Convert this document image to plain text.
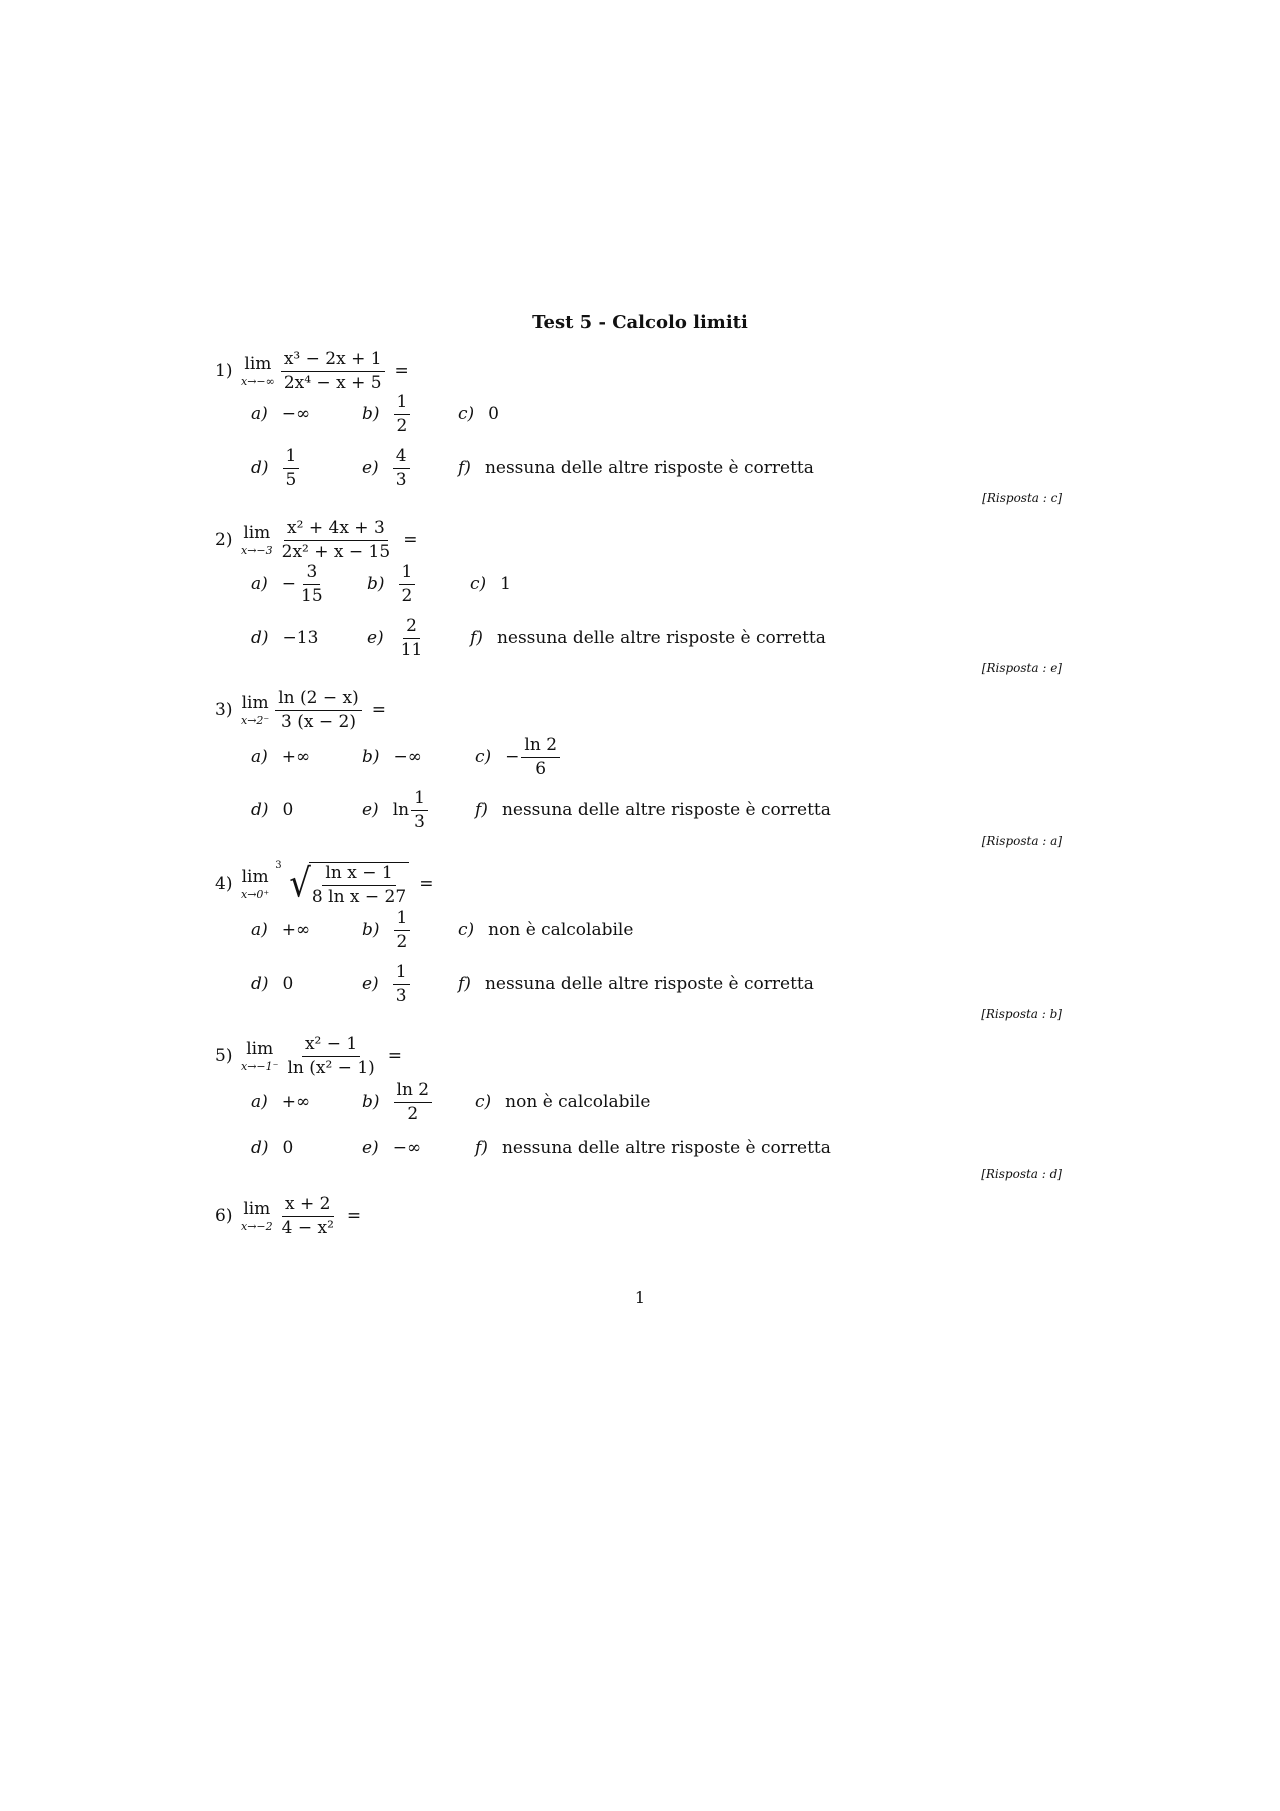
Test 5 - Calcolo limiti
1) lim
$x\to-\infty \frac{\text{x³ − 2x + 1}}{\text{2x⁴ − x + 5}}$ =
a) −∞	$b) \frac{1}{2}$	c) 0
$d) \frac{1}{5}$	$e) \frac{4}{3}$	f) nessuna delle altre risposte è corretta
[Risposta : c]
2) lim
$x\to-3 \frac{\text{x² + 4x + 3}}{\text{2x² + x − 15}}$ =
$a) - \frac{3}{15} b) \frac{1}{2}$	c) 1
d) −13	$e) \frac{2}{11}$	f) nessuna delle altre risposte è corretta
[Risposta : e]
3) lim
$x\to 2^- \frac{\ln (2 - x)}{3 (x - 2)}$ =
a) +∞	b) −∞	$c) - \frac{\ln 2}{6}$
d) 0	e) $\ln \frac{1}{3}$	f) nessuna delle altre risposte è corretta
[Risposta : a]
4) lim
x→0⁺
3 √
$\frac{\text{ln x − 1}}{\text{8 ln x − 27}}$ =
a) +∞	$b) \frac{1}{2}$	c) non è calcolabile
d) 0	$e) \frac{1}{3}$	f) nessuna delle altre risposte è corretta
[Risposta : b]
5) lim
$x\to-1^- \frac{\text{x² − 1}}{\text{ln (x² − 1)}}$ =
a) +∞	$b) \frac{\ln 2}{2}$	c) non è calcolabile
d) 0	e) −∞	f) nessuna delle altre risposte è corretta
[Risposta : d]
6) lim
$x\to-2 \frac{x + 2}{\text{4 − x²}}$ =
1
